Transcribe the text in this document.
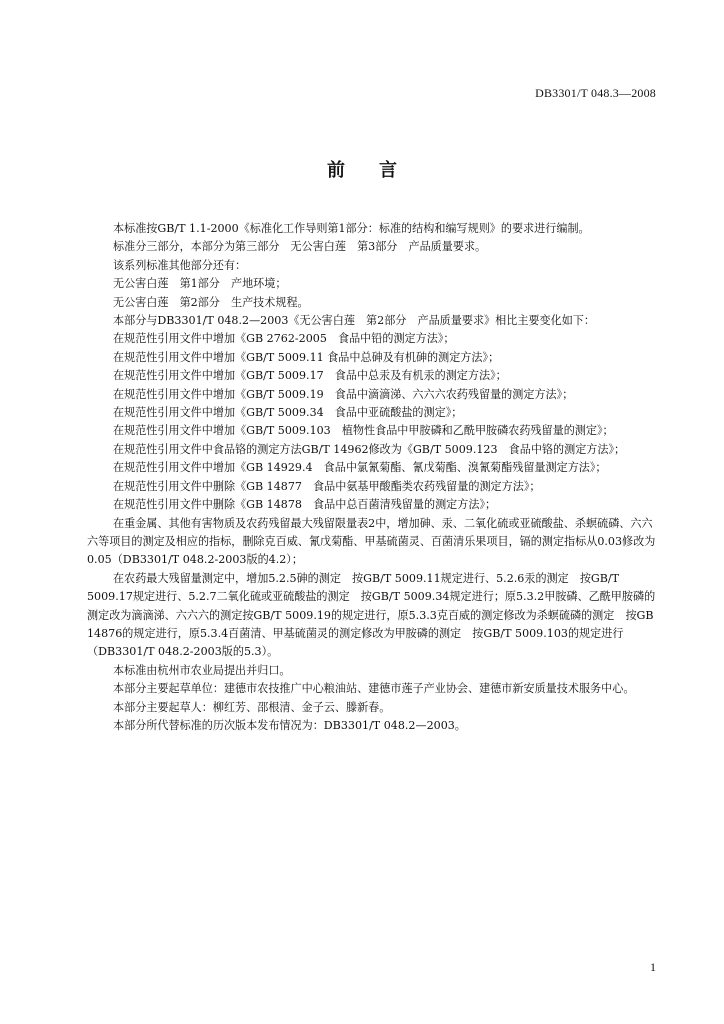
DB3301/T 048.3—2008
前言

本标准按GB/T 1.1-2000《标准化工作导则第1部分：标准的结构和编写规则》的要求进行编制。

标准分三部分，本部分为第三部分　无公害白莲　第3部分　产品质量要求。

该系列标准其他部分还有：

无公害白莲　第1部分　产地环境；

无公害白莲　第2部分　生产技术规程。

本部分与DB3301/T 048.2—2003《无公害白莲　第2部分　产品质量要求》相比主要变化如下：

在规范性引用文件中增加《GB 2762-2005　食品中铅的测定方法》；

在规范性引用文件中增加《GB/T 5009.11 食品中总砷及有机砷的测定方法》；

在规范性引用文件中增加《GB/T 5009.17　食品中总汞及有机汞的测定方法》；

在规范性引用文件中增加《GB/T 5009.19　食品中滴滴涕、六六六农药残留量的测定方法》；

在规范性引用文件中增加《GB/T 5009.34　食品中亚硫酸盐的测定》；

在规范性引用文件中增加《GB/T 5009.103　植物性食品中甲胺磷和乙酰甲胺磷农药残留量的测定》；

在规范性引用文件中食品铬的测定方法GB/T 14962修改为《GB/T 5009.123　食品中铬的测定方法》；

在规范性引用文件中增加《GB 14929.4　食品中氯氰菊酯、氰戊菊酯、溴氰菊酯残留量测定方法》；

在规范性引用文件中删除《GB 14877　食品中氨基甲酸酯类农药残留量的测定方法》；

在规范性引用文件中删除《GB 14878　食品中总百菌清残留量的测定方法》；

在重金属、其他有害物质及农药残留最大残留限量表2中，增加砷、汞、二氧化硫或亚硫酸盐、杀螟硫磷、六六六等项目的测定及相应的指标，删除克百威、氰戊菊酯、甲基硫菌灵、百菌清乐果项目，镉的测定指标从0.03修改为0.05（DB3301/T 048.2-2003版的4.2）；

在农药最大残留量测定中，增加5.2.5砷的测定　按GB/T 5009.11规定进行、5.2.6汞的测定　按GB/T 5009.17规定进行、5.2.7二氧化硫或亚硫酸盐的测定　按GB/T 5009.34规定进行；原5.3.2甲胺磷、乙酰甲胺磷的测定改为滴滴涕、六六六的测定按GB/T 5009.19的规定进行，原5.3.3克百威的测定修改为杀螟硫磷的测定　按GB 14876的规定进行，原5.3.4百菌清、甲基硫菌灵的测定修改为甲胺磷的测定　按GB/T 5009.103的规定进行（DB3301/T 048.2-2003版的5.3）。

本标准由杭州市农业局提出并归口。

本部分主要起草单位：建德市农技推广中心粮油站、建德市莲子产业协会、建德市新安质量技术服务中心。

本部分主要起草人：柳红芳、邵根清、金子云、滕新春。

本部分所代替标准的历次版本发布情况为：DB3301/T 048.2—2003。

1
